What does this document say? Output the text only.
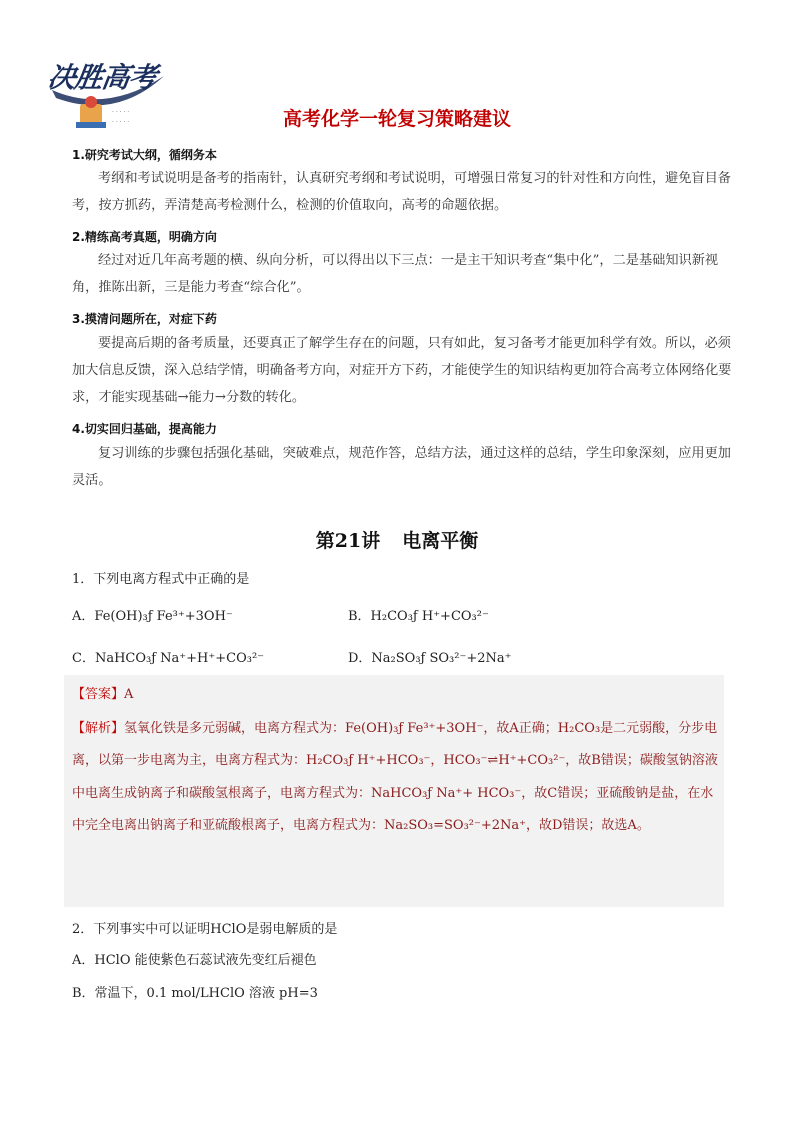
· · · · ·
· · · · ·
决胜高考
高考化学一轮复习策略建议
1.研究考试大纲，循纲务本
考纲和考试说明是备考的指南针，认真研究考纲和考试说明，可增强日常复习的针对性和方向性，避免盲目备考，按方抓药，弄清楚高考检测什么，检测的价值取向，高考的命题依据。
2.精练高考真题，明确方向
经过对近几年高考题的横、纵向分析，可以得出以下三点：一是主干知识考查“集中化”，二是基础知识新视角，推陈出新，三是能力考查“综合化”。
3.摸清问题所在，对症下药
要提高后期的备考质量，还要真正了解学生存在的问题，只有如此，复习备考才能更加科学有效。所以，必须加大信息反馈，深入总结学情，明确备考方向，对症开方下药，才能使学生的知识结构更加符合高考立体网络化要求，才能实现基础→能力→分数的转化。
4.切实回归基础，提高能力
复习训练的步骤包括强化基础，突破难点，规范作答，总结方法，通过这样的总结，学生印象深刻，应用更加灵活。
第21讲 电离平衡
1．下列电离方程式中正确的是
A．Fe(OH)₃ƒ Fe³⁺+3OH⁻	B．H₂CO₃ƒ H⁺+CO₃²⁻
C．NaHCO₃ƒ Na⁺+H⁺+CO₃²⁻	D．Na₂SO₃ƒ SO₃²⁻+2Na⁺
【答案】A
【解析】氢氧化铁是多元弱碱，电离方程式为：Fe(OH)₃ƒ Fe³⁺+3OH⁻，故A正确；H₂CO₃是二元弱酸，分步电离，以第一步电离为主，电离方程式为：H₂CO₃ƒ H⁺+HCO₃⁻，HCO₃⁻⇌H⁺+CO₃²⁻，故B错误；碳酸氢钠溶液中电离生成钠离子和碳酸氢根离子，电离方程式为：NaHCO₃ƒ Na⁺+ HCO₃⁻，故C错误；亚硫酸钠是盐，在水中完全电离出钠离子和亚硫酸根离子，电离方程式为：Na₂SO₃=SO₃²⁻+2Na⁺，故D错误；故选A。
2．下列事实中可以证明HClO是弱电解质的是
A．HClO 能使紫色石蕊试液先变红后褪色
B．常温下，0.1 mol/LHClO 溶液 pH=3
